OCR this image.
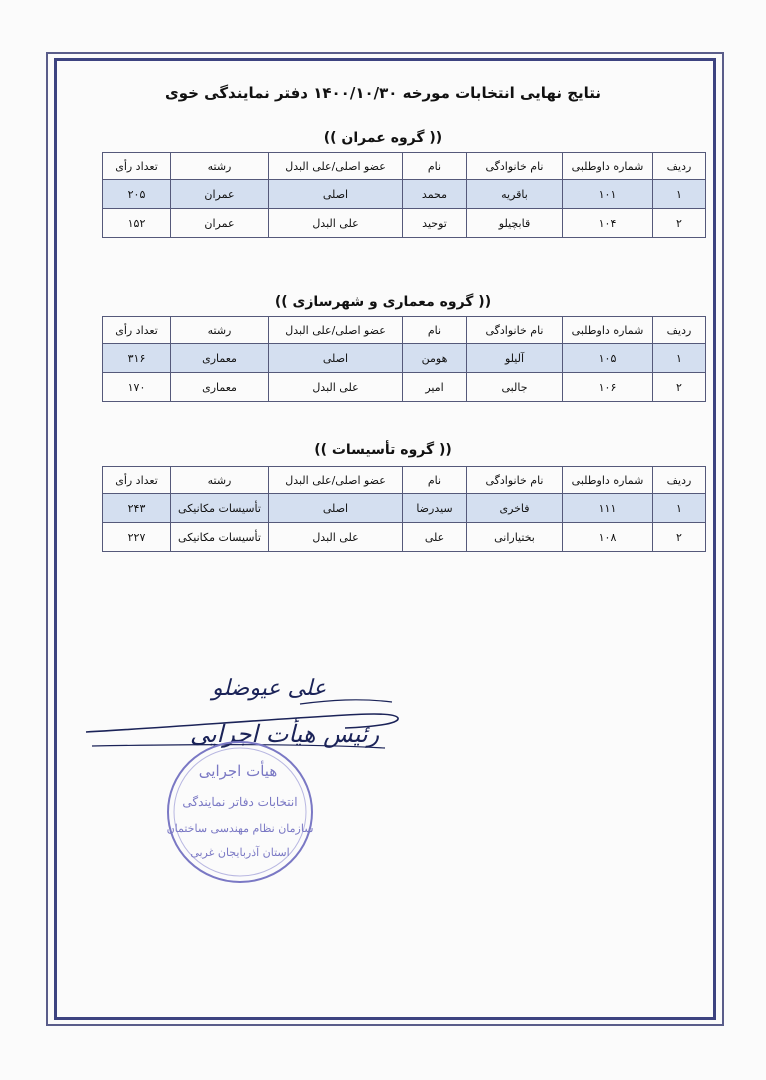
نتایج نهایی انتخابات مورخه ۱۴۰۰/۱۰/۳۰ دفتر نمایندگی خوی
(( گروه عمران ))
ردیف	شماره داوطلبی	نام خانوادگی	نام	عضو اصلی/علی البدل	رشته	تعداد رأی
۱	۱۰۱	باقریه	محمد	اصلی	عمران	۲۰۵
۲	۱۰۴	قابچیلو	توحید	علی البدل	عمران	۱۵۲
(( گروه معماری و شهرسازی ))
ردیف	شماره داوطلبی	نام خانوادگی	نام	عضو اصلی/علی البدل	رشته	تعداد رأی
۱	۱۰۵	آلیلو	هومن	اصلی	معماری	۳۱۶
۲	۱۰۶	جالبی	امیر	علی البدل	معماری	۱۷۰
(( گروه تأسیسات ))
ردیف	شماره داوطلبی	نام خانوادگی	نام	عضو اصلی/علی البدل	رشته	تعداد رأی
۱	۱۱۱	فاخری	سیدرضا	اصلی	تأسیسات مکانیکی	۲۴۳
۲	۱۰۸	بختیارانی	علی	علی البدل	تأسیسات مکانیکی	۲۲۷
علی عیوضلو
رئیس هیأت اجرایی
هیأت اجرایی
انتخابات دفاتر نمایندگی
سازمان نظام مهندسی ساختمان
استان آذربایجان غربی
